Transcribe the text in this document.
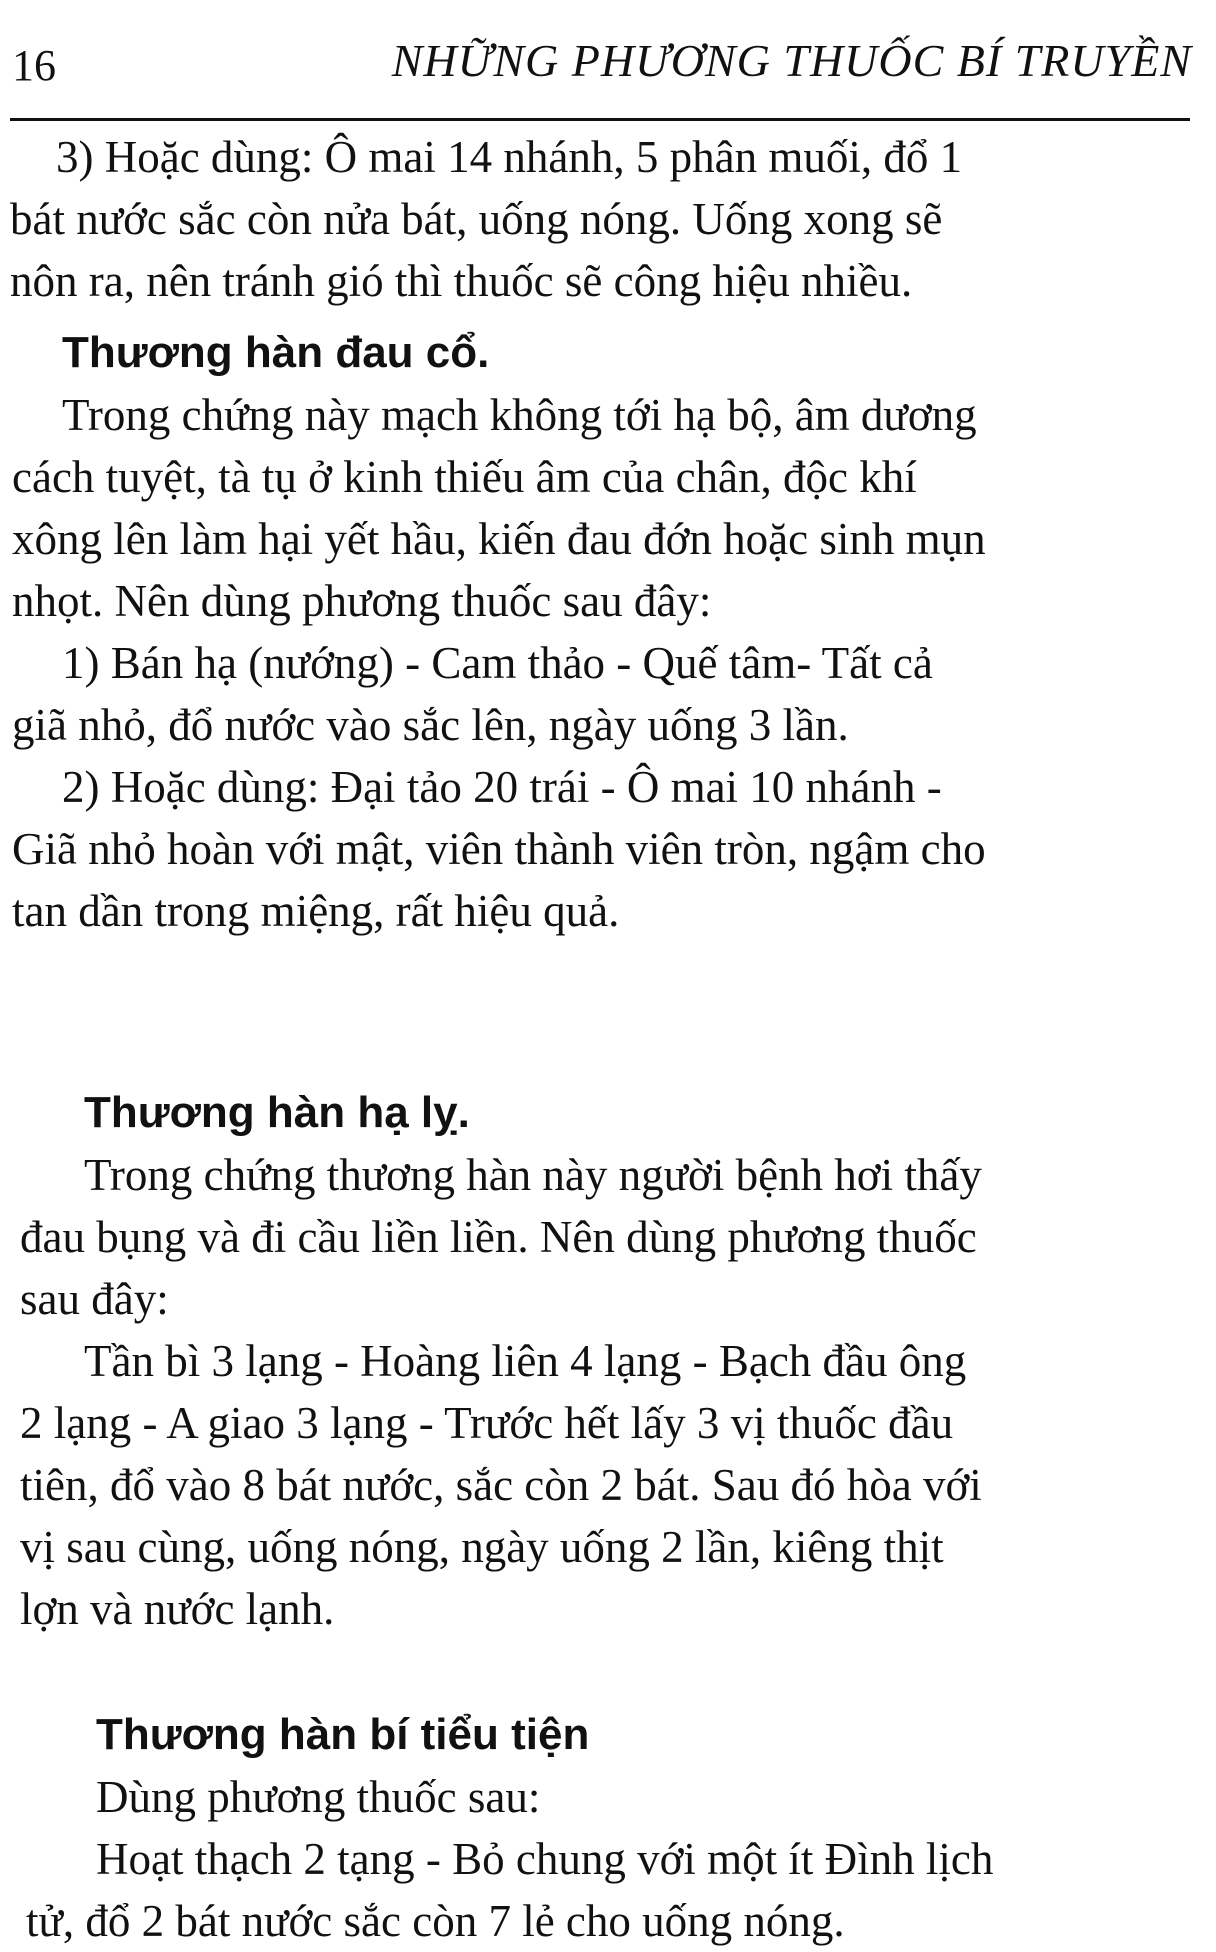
16	NHỮNG PHƯƠNG THUỐC BÍ TRUYỀN

3) Hoặc dùng: Ô mai 14 nhánh, 5 phân muối, đổ 1

bát nước sắc còn nửa bát, uống nóng. Uống xong sẽ

nôn ra, nên tránh gió thì thuốc sẽ công hiệu nhiều.

Thương hàn đau cổ.

Trong chứng này mạch không tới hạ bộ, âm dương

cách tuyệt, tà tụ ở kinh thiếu âm của chân, độc khí

xông lên làm hại yết hầu, kiến đau đớn hoặc sinh mụn

nhọt. Nên dùng phương thuốc sau đây:

1) Bán hạ (nướng) - Cam thảo - Quế tâm- Tất cả

giã nhỏ, đổ nước vào sắc lên, ngày uống 3 lần.

2) Hoặc dùng: Đại tảo 20 trái - Ô mai 10 nhánh -

Giã nhỏ hoàn với mật, viên thành viên tròn, ngậm cho

tan dần trong miệng, rất hiệu quả.

Thương hàn hạ lỵ.

Trong chứng thương hàn này người bệnh hơi thấy

đau bụng và đi cầu liền liền. Nên dùng phương thuốc

sau đây:

Tần bì 3 lạng - Hoàng liên 4 lạng - Bạch đầu ông

2 lạng - A giao 3 lạng - Trước hết lấy 3 vị thuốc đầu

tiên, đổ vào 8 bát nước, sắc còn 2 bát. Sau đó hòa với

vị sau cùng, uống nóng, ngày uống 2 lần, kiêng thịt

lợn và nước lạnh.

Thương hàn bí tiểu tiện

Dùng phương thuốc sau:

Hoạt thạch 2 tạng - Bỏ chung với một ít Đình lịch

tử, đổ 2 bát nước sắc còn 7 lẻ cho uống nóng.
